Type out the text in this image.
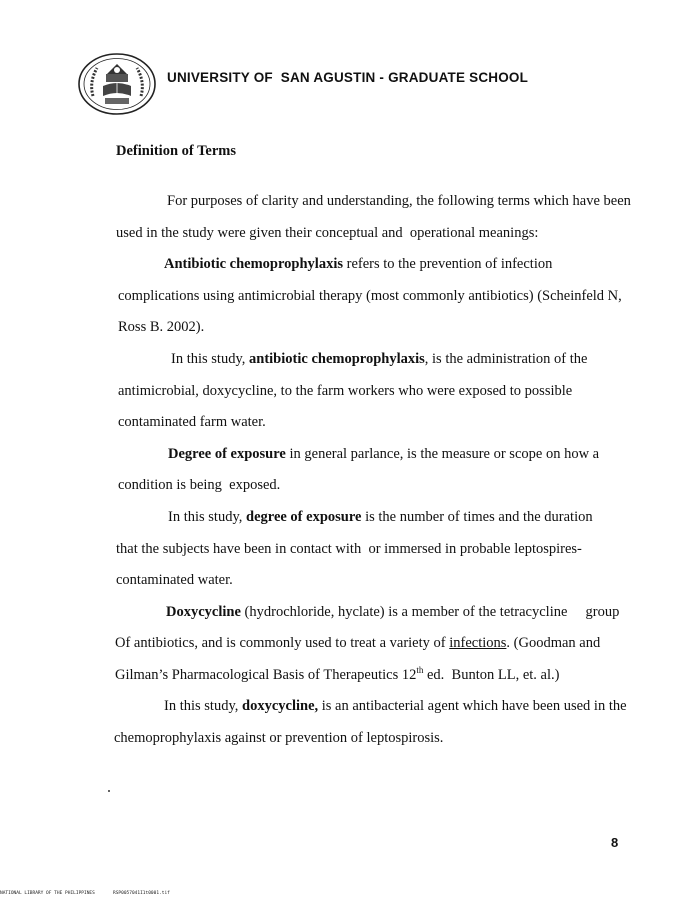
UNIVERSITY OF  SAN AGUSTIN - GRADUATE SCHOOL
Definition of Terms
For purposes of clarity and understanding, the following terms which have been
used in the study were given their conceptual and  operational meanings:
Antibiotic chemoprophylaxis refers to the prevention of infection
complications using antimicrobial therapy (most commonly antibiotics) (Scheinfeld N,
Ross B. 2002).
In this study, antibiotic chemoprophylaxis, is the administration of the
antimicrobial, doxycycline, to the farm workers who were exposed to possible
contaminated farm water.
Degree of exposure in general parlance, is the measure or scope on how a
condition is being  exposed.
In this study, degree of exposure is the number of times and the duration
that the subjects have been in contact with  or immersed in probable leptospires-
contaminated water.
Doxycycline (hydrochloride, hyclate) is a member of the tetracycline     group
Of antibiotics, and is commonly used to treat a variety of infections. (Goodman and
Gilman’s Pharmacological Basis of Therapeutics 12th ed.  Bunton LL, et. al.)
In this study, doxycycline, is an antibacterial agent which have been used in the
chemoprophylaxis against or prevention of leptospirosis.
8
NATIONAL LIBRARY OF THE PHILIPPINES	RSP0057041I1t0001.tif
